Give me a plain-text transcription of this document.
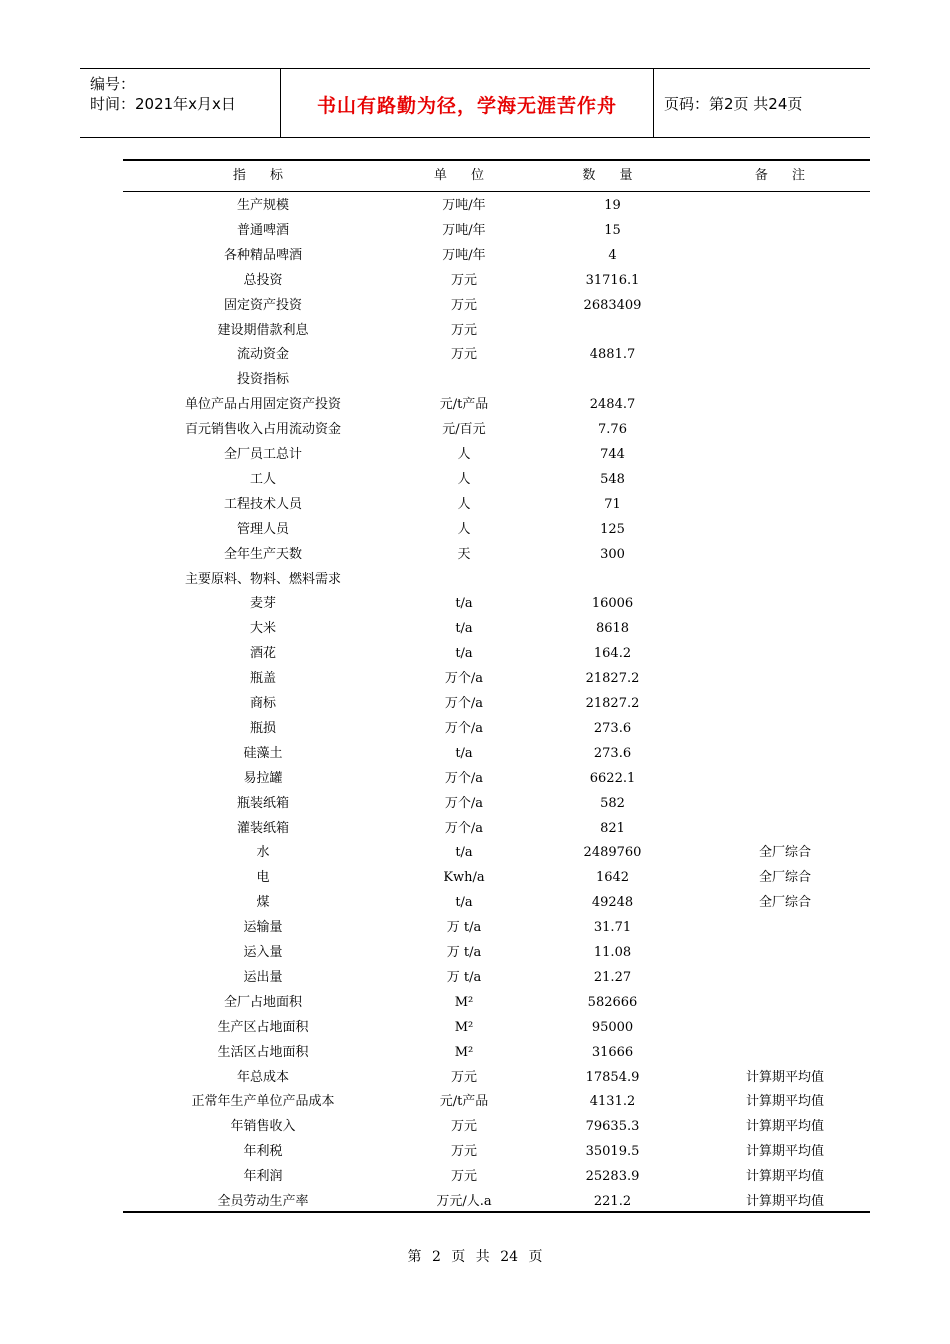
编号：
时间：2021年x月x日	书山有路勤为径，学海无涯苦作舟	页码：第2页 共24页
指 标	单 位	数 量	备 注
生产规模	万吨/年	19
普通啤酒	万吨/年	15
各种精品啤酒	万吨/年	4
总投资	万元	31716.1
固定资产投资	万元	2683409
建设期借款利息	万元
流动资金	万元	4881.7
投资指标
单位产品占用固定资产投资	元/t产品	2484.7
百元销售收入占用流动资金	元/百元	7.76
全厂员工总计	人	744
工人	人	548
工程技术人员	人	71
管理人员	人	125
全年生产天数	天	300
主要原料、物料、燃料需求
麦芽	t/a	16006
大米	t/a	8618
酒花	t/a	164.2
瓶盖	万个/a	21827.2
商标	万个/a	21827.2
瓶损	万个/a	273.6
硅藻土	t/a	273.6
易拉罐	万个/a	6622.1
瓶装纸箱	万个/a	582
灌装纸箱	万个/a	821
水	t/a	2489760	全厂综合
电	Kwh/a	1642	全厂综合
煤	t/a	49248	全厂综合
运输量	万 t/a	31.71
运入量	万 t/a	11.08
运出量	万 t/a	21.27
全厂占地面积	M²	582666
生产区占地面积	M²	95000
生活区占地面积	M²	31666
年总成本	万元	17854.9	计算期平均值
正常年生产单位产品成本	元/t产品	4131.2	计算期平均值
年销售收入	万元	79635.3	计算期平均值
年利税	万元	35019.5	计算期平均值
年利润	万元	25283.9	计算期平均值
全员劳动生产率	万元/人.a	221.2	计算期平均值
第 2 页 共 24 页
